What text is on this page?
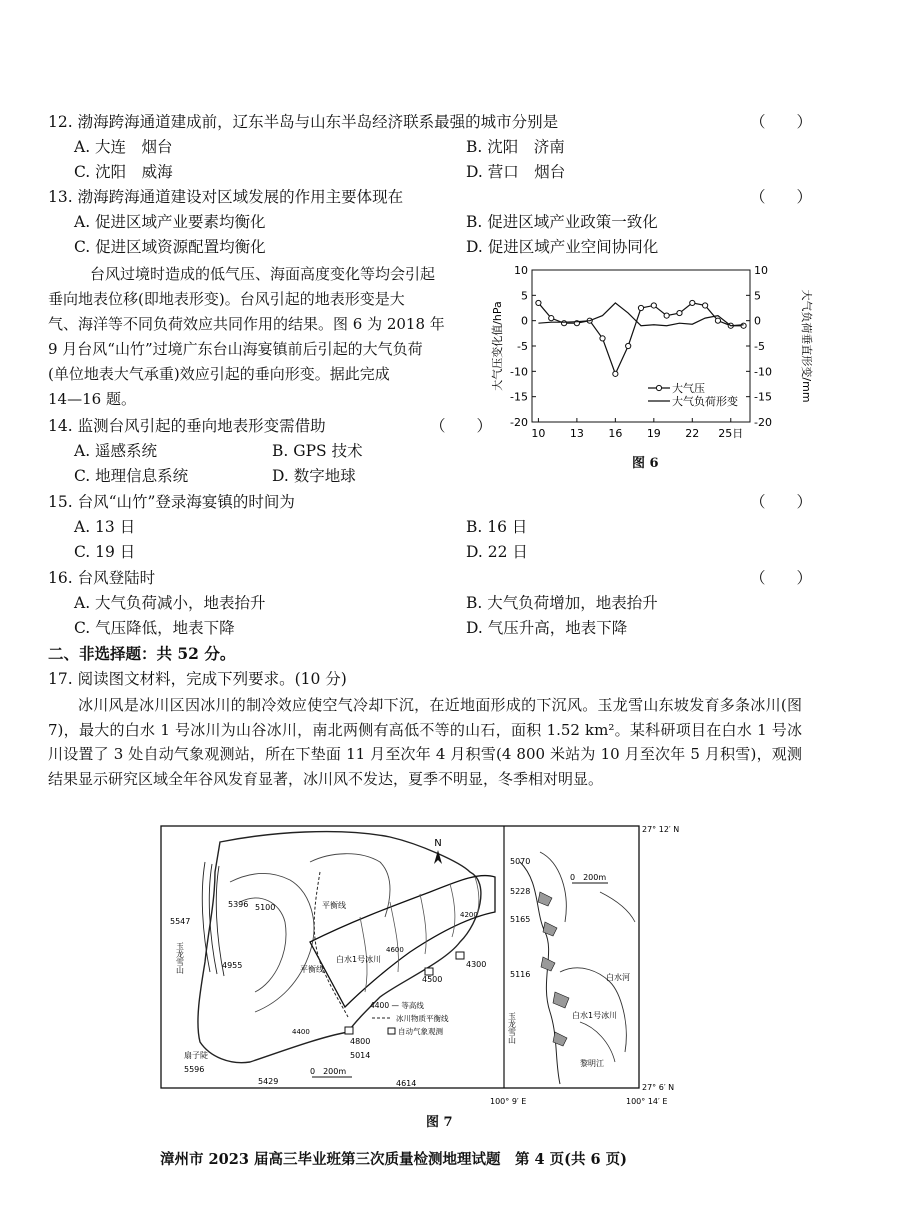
12. 渤海跨海通道建成前，辽东半岛与山东半岛经济联系最强的城市分别是	（　　）
A. 大连　烟台	B. 沈阳　济南
C. 沈阳　威海	D. 营口　烟台
13. 渤海跨海通道建设对区域发展的作用主要体现在	（　　）
A. 促进区域产业要素均衡化	B. 促进区域产业政策一致化
C. 促进区域资源配置均衡化	D. 促进区域产业空间协同化
台风过境时造成的低气压、海面高度变化等均会引起
垂向地表位移(即地表形变)。台风引起的地表形变是大
气、海洋等不同负荷效应共同作用的结果。图 6 为 2018 年
9 月台风“山竹”过境广东台山海宴镇前后引起的大气负荷
(单位地表大气承重)效应引起的垂向形变。据此完成
14—16 题。
10	10
5	5
0	0
-5	-5
-10	-10
-15	-15
-20	-20
10 13 16 19 22 25日
大气压变化值/hPa	大气负荷垂直形变/mm
大气压
大气负荷形变
图 6
14. 监测台风引起的垂向地表形变需借助	（　　）
A. 遥感系统	B. GPS 技术
C. 地理信息系统	D. 数字地球
15. 台风“山竹”登录海宴镇的时间为	（　　）
A. 13 日	B. 16 日
C. 19 日	D. 22 日
16. 台风登陆时	（　　）
A. 大气负荷减小，地表抬升	B. 大气负荷增加，地表抬升
C. 气压降低，地表下降	D. 气压升高，地表下降
二、非选择题：共 52 分。
17. 阅读图文材料，完成下列要求。(10 分)

冰川风是冰川区因冰川的制冷效应使空气冷却下沉，在近地面形成的下沉风。玉龙雪山东坡发育多条冰川(图 7)，最大的白水 1 号冰川为山谷冰川，南北两侧有高低不等的山石，面积 1.52 km²。某科研项目在白水 1 号冰川设置了 3 处自动气象观测站，所在下垫面 11 月至次年 4 月积雪(4 800 米站为 10 月至次年 5 月积雪)，观测结果显示研究区域全年谷风发育显著，冰川风不发达，夏季不明显，冬季相对明显。

N
5547
5396 5100
4955
平衡线
平衡线
白水1号冰川
4600
4500
4300
4200
4800
5014
5429	4614
扇子陡
5596
玉龙雪山
4400
4400 — 等高线
冰川物质平衡线
自动气象观测
0　200m
5070
5228
5165
5116	白水河
白水1号冰川
黎明江
玉龙雪山
0　200m
27° 12′ N
27° 6′ N
100° 9′ E	100° 14′ E
图 7
漳州市 2023 届高三毕业班第三次质量检测地理试题　第 4 页(共 6 页)
